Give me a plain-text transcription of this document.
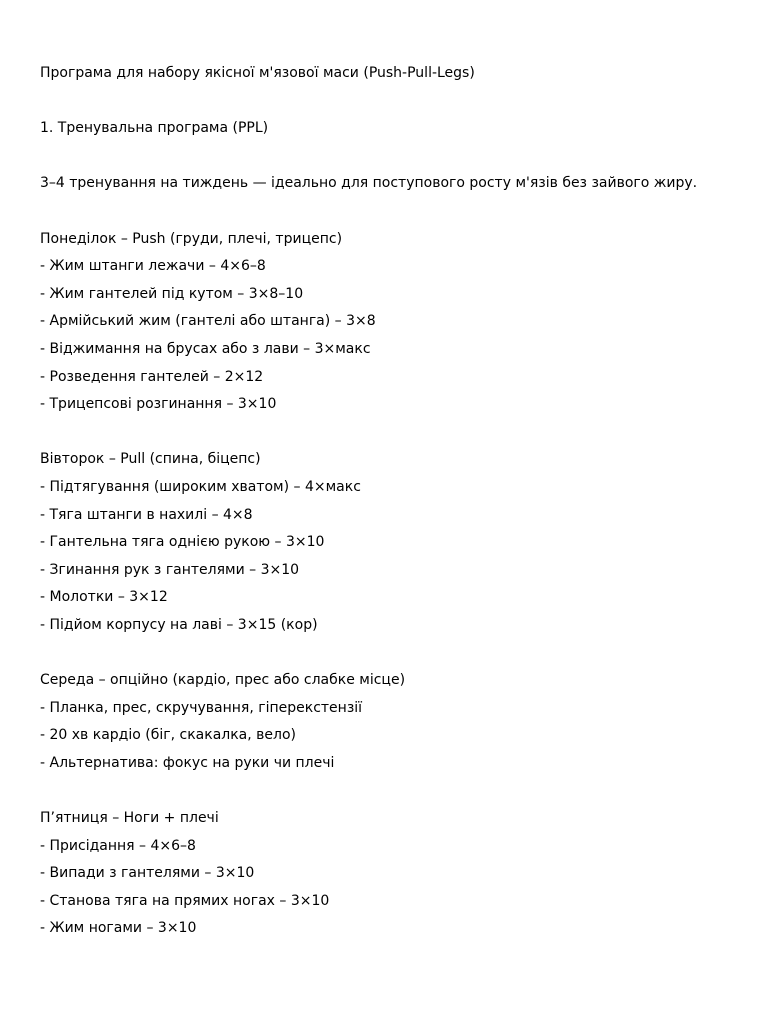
Програма для набору якісної м'язової маси (Push-Pull-Legs)
1. Тренувальна програма (PPL)
3–4 тренування на тиждень — ідеально для поступового росту м'язів без зайвого жиру.
Понеділок – Push (груди, плечі, трицепс)
- Жим штанги лежачи – 4×6–8
- Жим гантелей під кутом – 3×8–10
- Армійський жим (гантелі або штанга) – 3×8
- Віджимання на брусах або з лави – 3×макс
- Розведення гантелей – 2×12
- Трицепсові розгинання – 3×10
Вівторок – Pull (спина, біцепс)
- Підтягування (широким хватом) – 4×макс
- Тяга штанги в нахилі – 4×8
- Гантельна тяга однією рукою – 3×10
- Згинання рук з гантелями – 3×10
- Молотки – 3×12
- Підйом корпусу на лаві – 3×15 (кор)
Середа – опційно (кардіо, прес або слабке місце)
- Планка, прес, скручування, гіперекстензії
- 20 хв кардіо (біг, скакалка, вело)
- Альтернатива: фокус на руки чи плечі
П’ятниця – Ноги + плечі
- Присідання – 4×6–8
- Випади з гантелями – 3×10
- Станова тяга на прямих ногах – 3×10
- Жим ногами – 3×10
